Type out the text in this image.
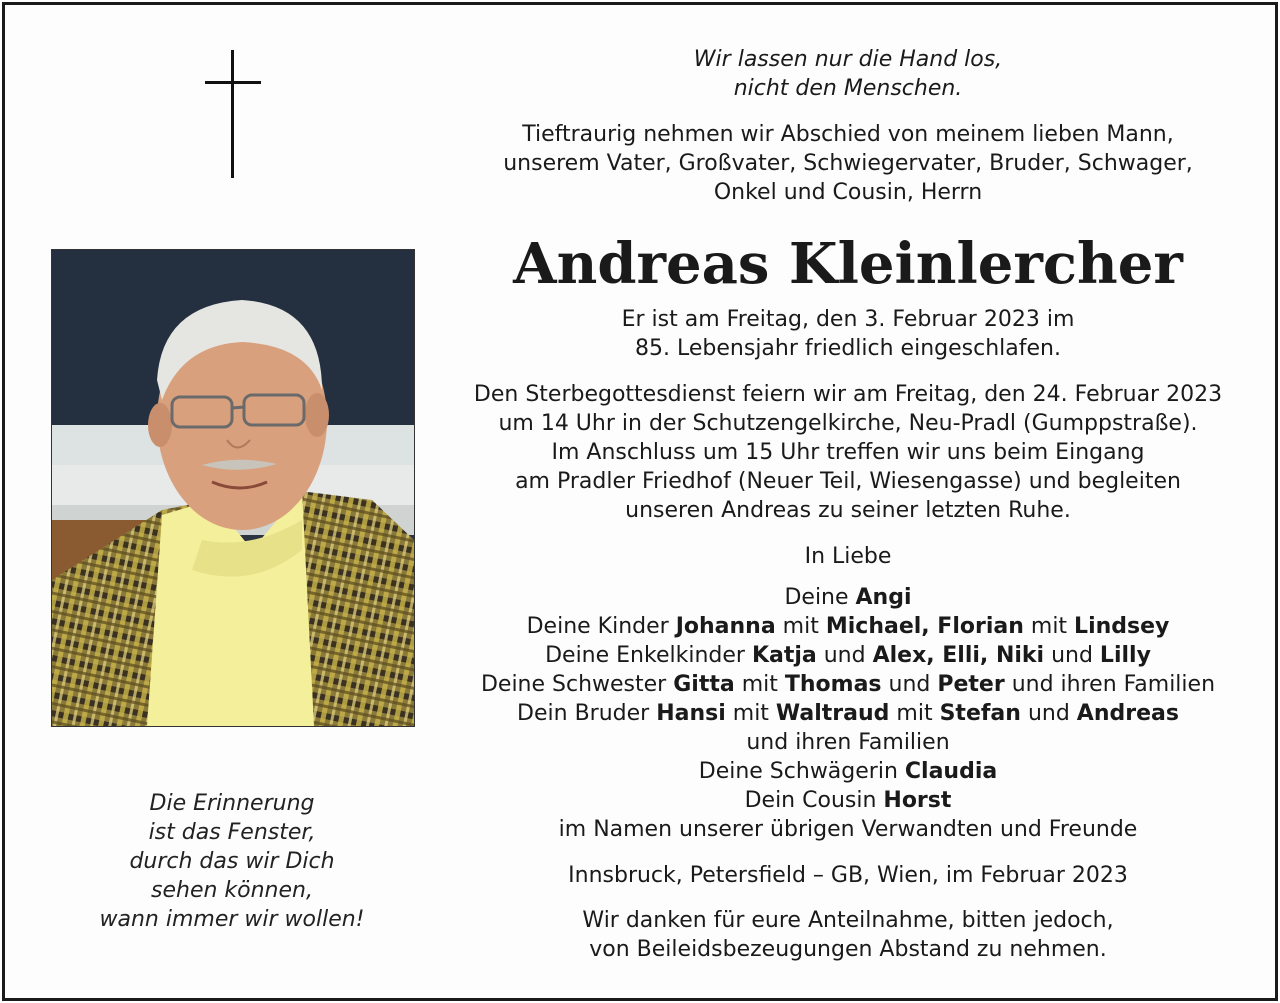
Die Erinnerung
ist das Fenster,
durch das wir Dich
sehen können,
wann immer wir wollen!
Wir lassen nur die Hand los,
nicht den Menschen.
Tieftraurig nehmen wir Abschied von meinem lieben Mann,
unserem Vater, Großvater, Schwiegervater, Bruder, Schwager,
Onkel und Cousin, Herrn
Andreas Kleinlercher
Er ist am Freitag, den 3. Februar 2023 im
85. Lebensjahr friedlich eingeschlafen.
Den Sterbegottesdienst feiern wir am Freitag, den 24. Februar 2023
um 14 Uhr in der Schutzengelkirche, Neu-Pradl (Gumppstraße).
Im Anschluss um 15 Uhr treffen wir uns beim Eingang
am Pradler Friedhof (Neuer Teil, Wiesengasse) und begleiten
unseren Andreas zu seiner letzten Ruhe.
In Liebe
Deine Angi
Deine Kinder Johanna mit Michael, Florian mit Lindsey
Deine Enkelkinder Katja und Alex, Elli, Niki und Lilly
Deine Schwester Gitta mit Thomas und Peter und ihren Familien
Dein Bruder Hansi mit Waltraud mit Stefan und Andreas
und ihren Familien
Deine Schwägerin Claudia
Dein Cousin Horst
im Namen unserer übrigen Verwandten und Freunde
Innsbruck, Petersfield – GB, Wien, im Februar 2023
Wir danken für eure Anteilnahme, bitten jedoch,
von Beileidsbezeugungen Abstand zu nehmen.
